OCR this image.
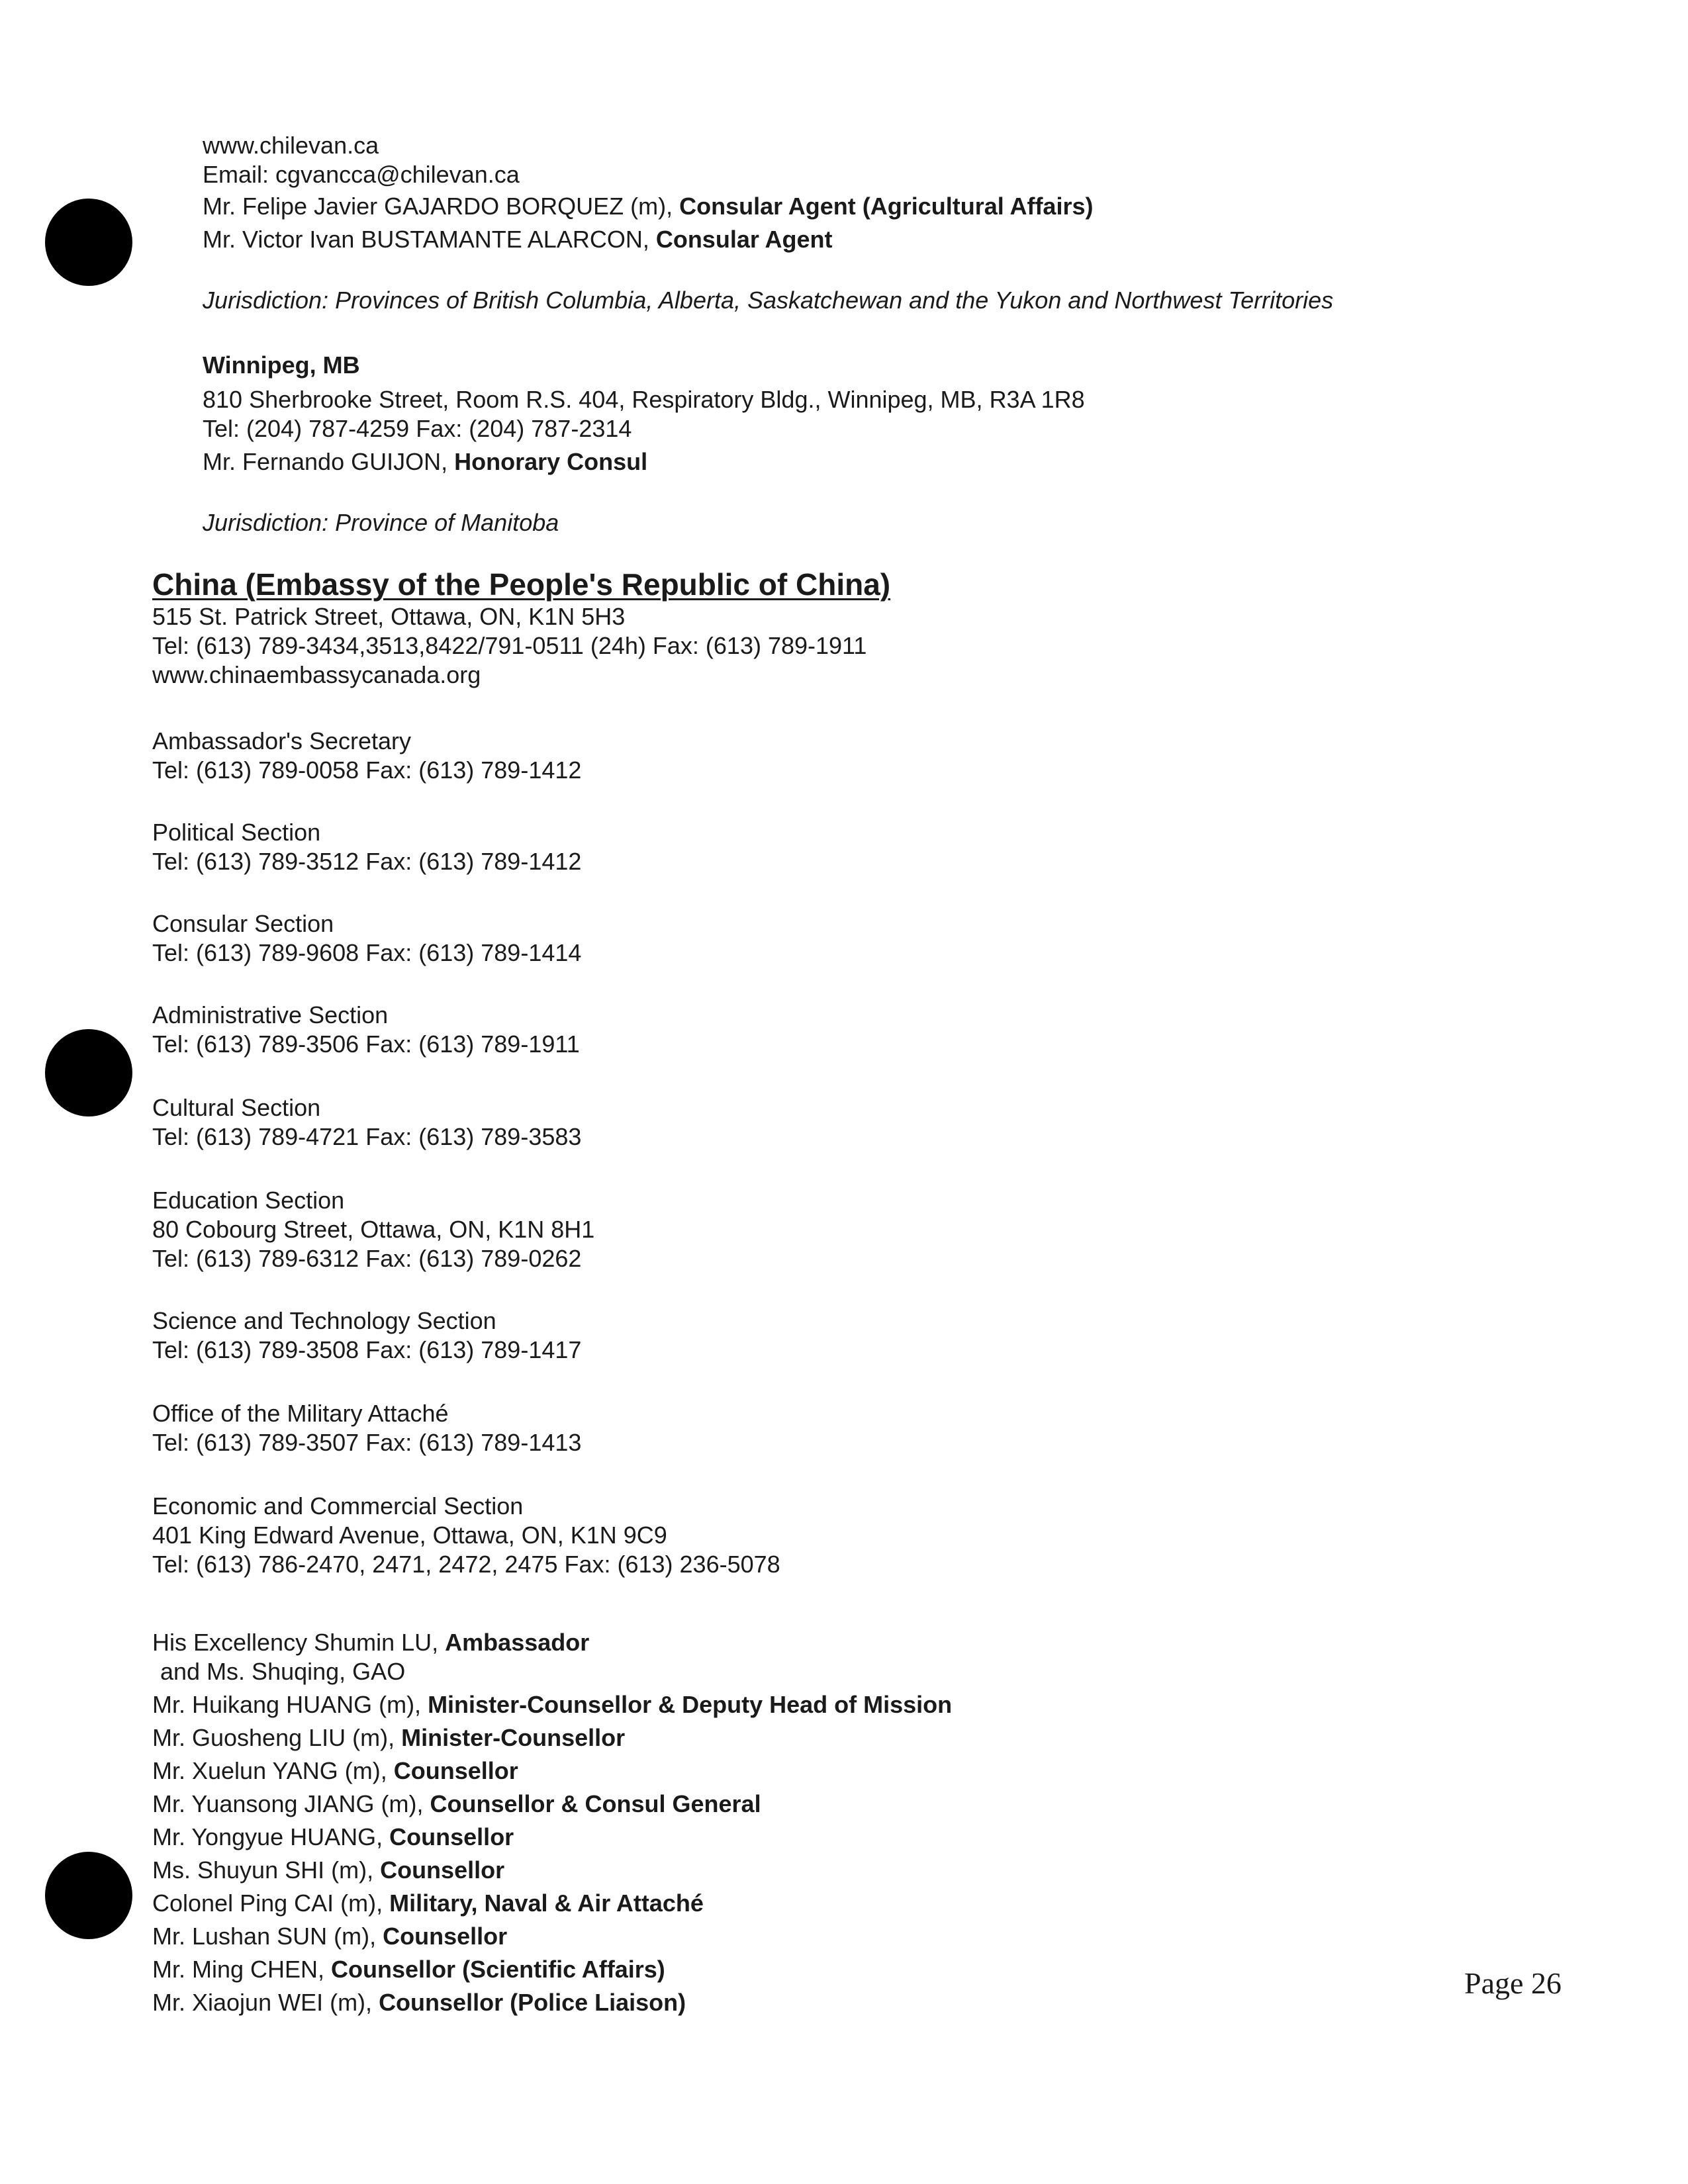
www.chilevan.ca
Email: cgvancca@chilevan.ca
Mr. Felipe Javier GAJARDO BORQUEZ (m), Consular Agent (Agricultural Affairs)
Mr. Victor Ivan BUSTAMANTE ALARCON, Consular Agent
Jurisdiction: Provinces of British Columbia, Alberta, Saskatchewan and the Yukon and Northwest Territories
Winnipeg, MB
810 Sherbrooke Street, Room R.S. 404, Respiratory Bldg., Winnipeg, MB, R3A 1R8
Tel: (204) 787-4259 Fax: (204) 787-2314
Mr. Fernando GUIJON, Honorary Consul
Jurisdiction: Province of Manitoba
China (Embassy of the People's Republic of China)
515 St. Patrick Street, Ottawa, ON, K1N 5H3
Tel: (613) 789-3434,3513,8422/791-0511 (24h) Fax: (613) 789-1911
www.chinaembassycanada.org
Ambassador's Secretary
Tel: (613) 789-0058 Fax: (613) 789-1412
Political Section
Tel: (613) 789-3512 Fax: (613) 789-1412
Consular Section
Tel: (613) 789-9608 Fax: (613) 789-1414
Administrative Section
Tel: (613) 789-3506 Fax: (613) 789-1911
Cultural Section
Tel: (613) 789-4721 Fax: (613) 789-3583
Education Section
80 Cobourg Street, Ottawa, ON, K1N 8H1
Tel: (613) 789-6312 Fax: (613) 789-0262
Science and Technology Section
Tel: (613) 789-3508 Fax: (613) 789-1417
Office of the Military Attaché
Tel: (613) 789-3507 Fax: (613) 789-1413
Economic and Commercial Section
401 King Edward Avenue, Ottawa, ON, K1N 9C9
Tel: (613) 786-2470, 2471, 2472, 2475 Fax: (613) 236-5078
His Excellency Shumin LU, Ambassador
and Ms. Shuqing, GAO
Mr. Huikang HUANG (m), Minister-Counsellor & Deputy Head of Mission
Mr. Guosheng LIU (m), Minister-Counsellor
Mr. Xuelun YANG (m), Counsellor
Mr. Yuansong JIANG (m), Counsellor & Consul General
Mr. Yongyue HUANG, Counsellor
Ms. Shuyun SHI (m), Counsellor
Colonel Ping CAI (m), Military, Naval & Air Attaché
Mr. Lushan SUN (m), Counsellor
Mr. Ming CHEN, Counsellor (Scientific Affairs)
Mr. Xiaojun WEI (m), Counsellor (Police Liaison)
Page 26
